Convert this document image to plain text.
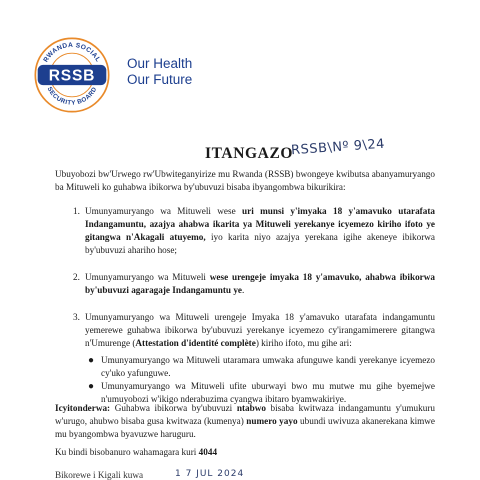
RWANDA SOCIAL
SECURITY BOARD
RSSB
Our Health
Our Future
ITANGAZO
RSSB\Nº 9\24

Ubuyobozi bw'Urwego rw'Ubwiteganyirize mu Rwanda (RSSB) bwongeye kwibutsa abanyamuryango ba Mituweli ko guhabwa ibikorwa by'ubuvuzi bisaba ibyangombwa bikurikira:

1. Umunyamuryango wa Mituweli wese uri munsi y'imyaka 18 y'amavuko utarafata Indangamuntu, azajya ahabwa ikarita ya Mituweli yerekanye icyemezo kiriho ifoto ye gitangwa n'Akagali atuyemo, iyo karita niyo azajya yerekana igihe akeneye ibikorwa by'ubuvuzi ahariho hose;
2. Umunyamuryango wa Mituweli wese urengeje imyaka 18 y'amavuko, ahabwa ibikorwa by'ubuvuzi agaragaje Indangamuntu ye.
3. Umunyamuryango wa Mituweli urengeje Imyaka 18 y'amavuko utarafata indangamuntu yemerewe guhabwa ibikorwa by'ubuvuzi yerekanye icyemezo cy'irangamimerere gitangwa n'Umurenge (Attestation d'identité complète) kiriho ifoto, mu gihe ari:
● Umunyamuryango wa Mituweli utaramara umwaka afunguwe kandi yerekanye icyemezo cy'uko yafunguwe.
● Umunyamuryango wa Mituweli ufite uburwayi bwo mu mutwe mu gihe byemejwe n'umuyobozi w'ikigo nderabuzima cyangwa ibitaro byamwakiriye.

Icyitonderwa: Guhabwa ibikorwa by'ubuvuzi ntabwo bisaba kwitwaza indangamuntu y'umukuru w'urugo, ahubwo bisaba gusa kwitwaza (kumenya) numero yayo ubundi uwivuza akanerekana kimwe mu byangombwa byavuzwe haruguru.

Ku bindi bisobanuro wahamagara kuri 4044
Bikorewe i Kigali kuwa	1 7 JUL 2024
